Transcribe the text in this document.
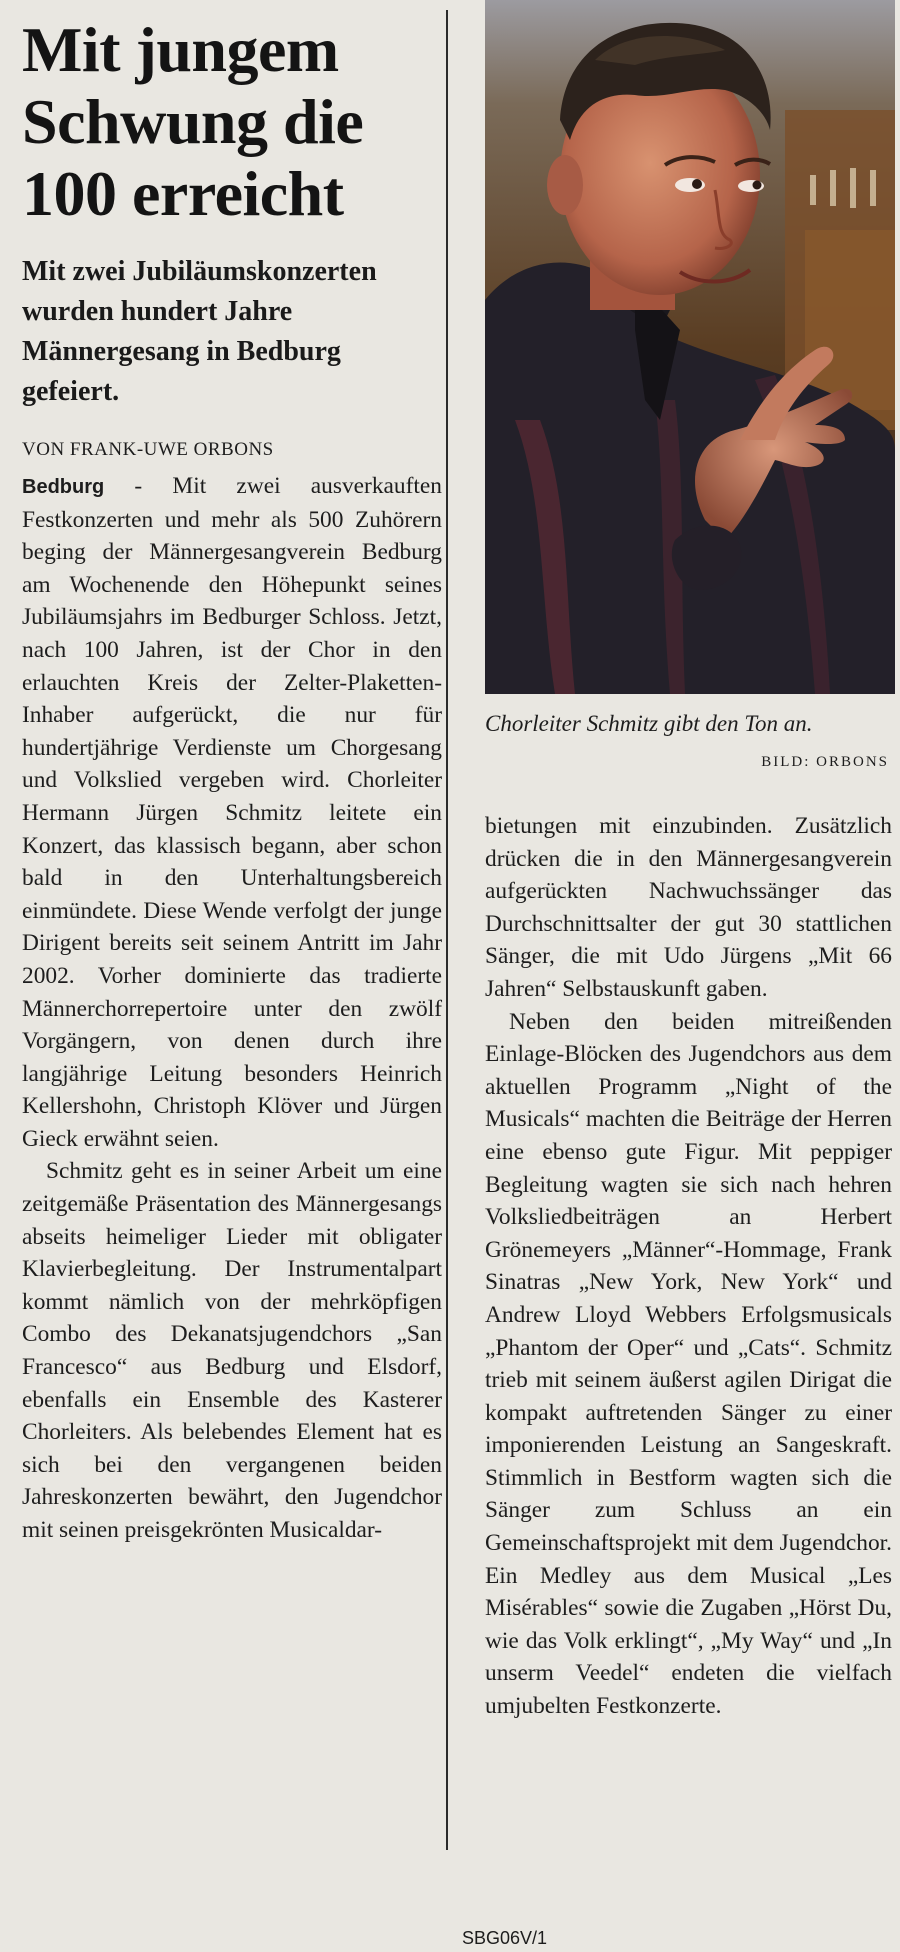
Mit jungem Schwung die 100 erreicht
Mit zwei Jubiläumskonzerten wurden hundert Jahre Männergesang in Bedburg gefeiert.
VON FRANK-UWE ORBONS

Bedburg - Mit zwei ausverkauften Festkonzerten und mehr als 500 Zuhörern beging der Männergesangverein Bedburg am Wochenende den Höhepunkt seines Jubiläumsjahrs im Bedburger Schloss. Jetzt, nach 100 Jahren, ist der Chor in den erlauchten Kreis der Zelter-Plaketten-Inhaber aufgerückt, die nur für hundertjährige Verdienste um Chorgesang und Volkslied vergeben wird. Chorleiter Hermann Jürgen Schmitz leitete ein Konzert, das klassisch begann, aber schon bald in den Unterhaltungsbereich einmündete. Diese Wende verfolgt der junge Dirigent bereits seit seinem Antritt im Jahr 2002. Vorher dominierte das tradierte Männerchorrepertoire unter den zwölf Vorgängern, von denen durch ihre langjährige Leitung besonders Heinrich Kellershohn, Christoph Klöver und Jürgen Gieck erwähnt seien.

Schmitz geht es in seiner Arbeit um eine zeitgemäße Präsentation des Männergesangs abseits heimeliger Lieder mit obligater Klavierbegleitung. Der Instrumentalpart kommt nämlich von der mehrköpfigen Combo des Dekanatsjugendchors „San Francesco“ aus Bedburg und Elsdorf, ebenfalls ein Ensemble des Kasterer Chorleiters. Als belebendes Element hat es sich bei den vergangenen beiden Jahreskonzerten bewährt, den Jugendchor mit seinen preisgekrönten Musicaldar-

Chorleiter Schmitz gibt den Ton an.
BILD: ORBONS

bietungen mit einzubinden. Zusätzlich drücken die in den Männergesangverein aufgerückten Nachwuchssänger das Durchschnittsalter der gut 30 stattlichen Sänger, die mit Udo Jürgens „Mit 66 Jahren“ Selbstauskunft gaben.

Neben den beiden mitreißenden Einlage-Blöcken des Jugendchors aus dem aktuellen Programm „Night of the Musicals“ machten die Beiträge der Herren eine ebenso gute Figur. Mit peppiger Begleitung wagten sie sich nach hehren Volksliedbeiträgen an Herbert Grönemeyers „Männer“-Hommage, Frank Sinatras „New York, New York“ und Andrew Lloyd Webbers Erfolgsmusicals „Phantom der Oper“ und „Cats“. Schmitz trieb mit seinem äußerst agilen Dirigat die kompakt auftretenden Sänger zu einer imponierenden Leistung an Sangeskraft. Stimmlich in Bestform wagten sich die Sänger zum Schluss an ein Gemeinschaftsprojekt mit dem Jugendchor. Ein Medley aus dem Musical „Les Misérables“ sowie die Zugaben „Hörst Du, wie das Volk erklingt“, „My Way“ und „In unserm Veedel“ endeten die vielfach umjubelten Festkonzerte.

SBG06V/1
